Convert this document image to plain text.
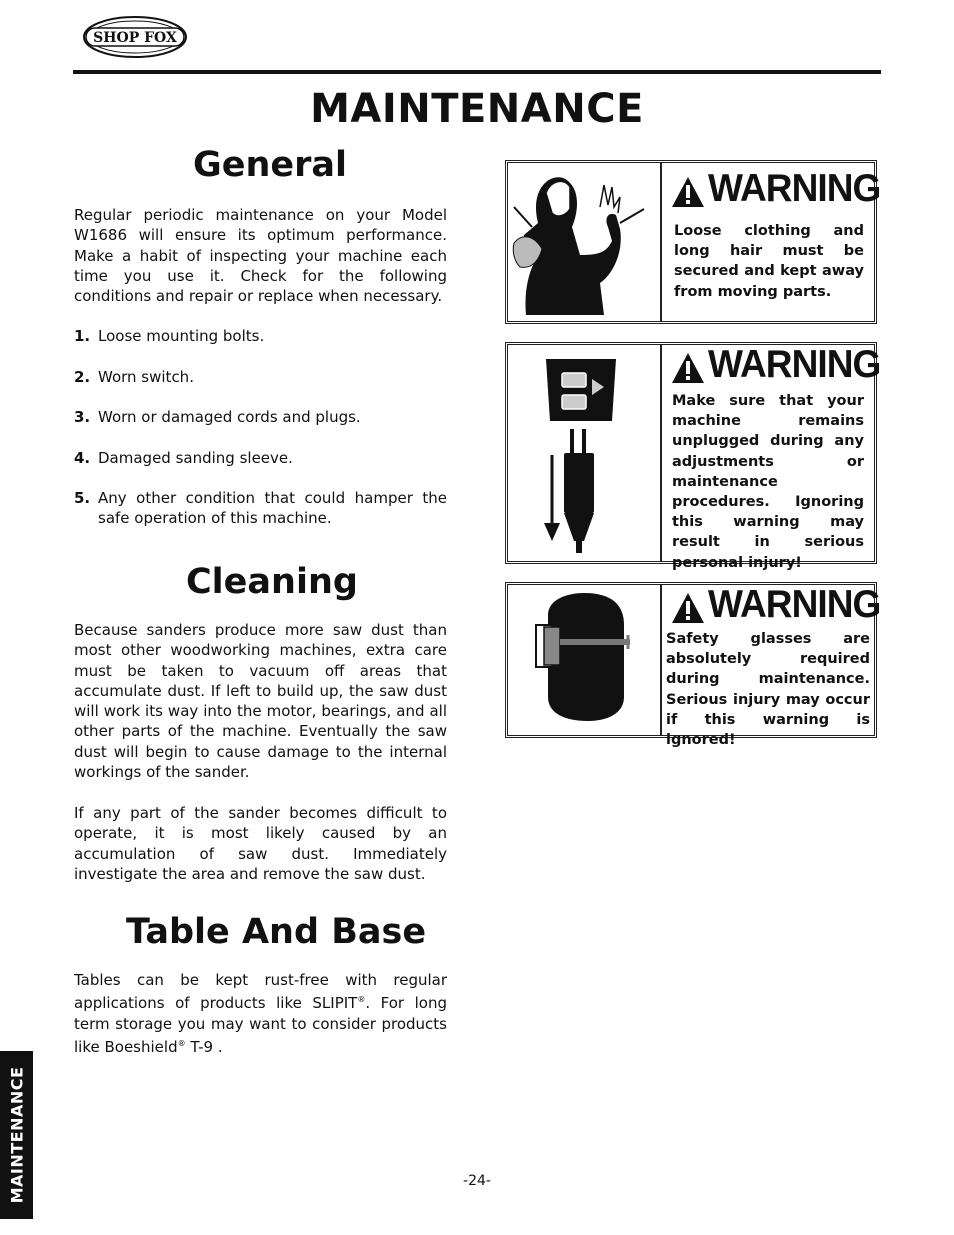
SHOP FOX
MAINTENANCE
General
Regular periodic maintenance on your Model W1686 will ensure its optimum performance. Make a habit of inspecting your machine each time you use it. Check for the following conditions and repair or replace when necessary.
1. Loose mounting bolts.
2. Worn switch.
3. Worn or damaged cords and plugs.
4. Damaged sanding sleeve.
5. Any other condition that could hamper the safe operation of this machine.
Cleaning
Because sanders produce more saw dust than most other woodworking machines, extra care must be taken to vacuum off areas that accumulate dust. If left to build up, the saw dust will work its way into the motor, bearings, and all other parts of the machine. Eventually the saw dust will begin to cause damage to the internal workings of the sander.
If any part of the sander becomes difficult to operate, it is most likely caused by an accumulation of saw dust. Immediately investigate the area and remove the saw dust.
Table And Base
Tables can be kept rust-free with regular applications of products like SLIPIT®. For long term storage you may want to consider products like Boeshield® T-9 .
WARNING
Loose clothing and long hair must be secured and kept away from moving parts.
WARNING
Make sure that your machine remains unplugged during any adjustments or maintenance procedures. Ignoring this warning may result in serious personal injury!
WARNING
Safety glasses are absolutely required during maintenance. Serious injury may occur if this warning is ignored!
MAINTENANCE	-24-
